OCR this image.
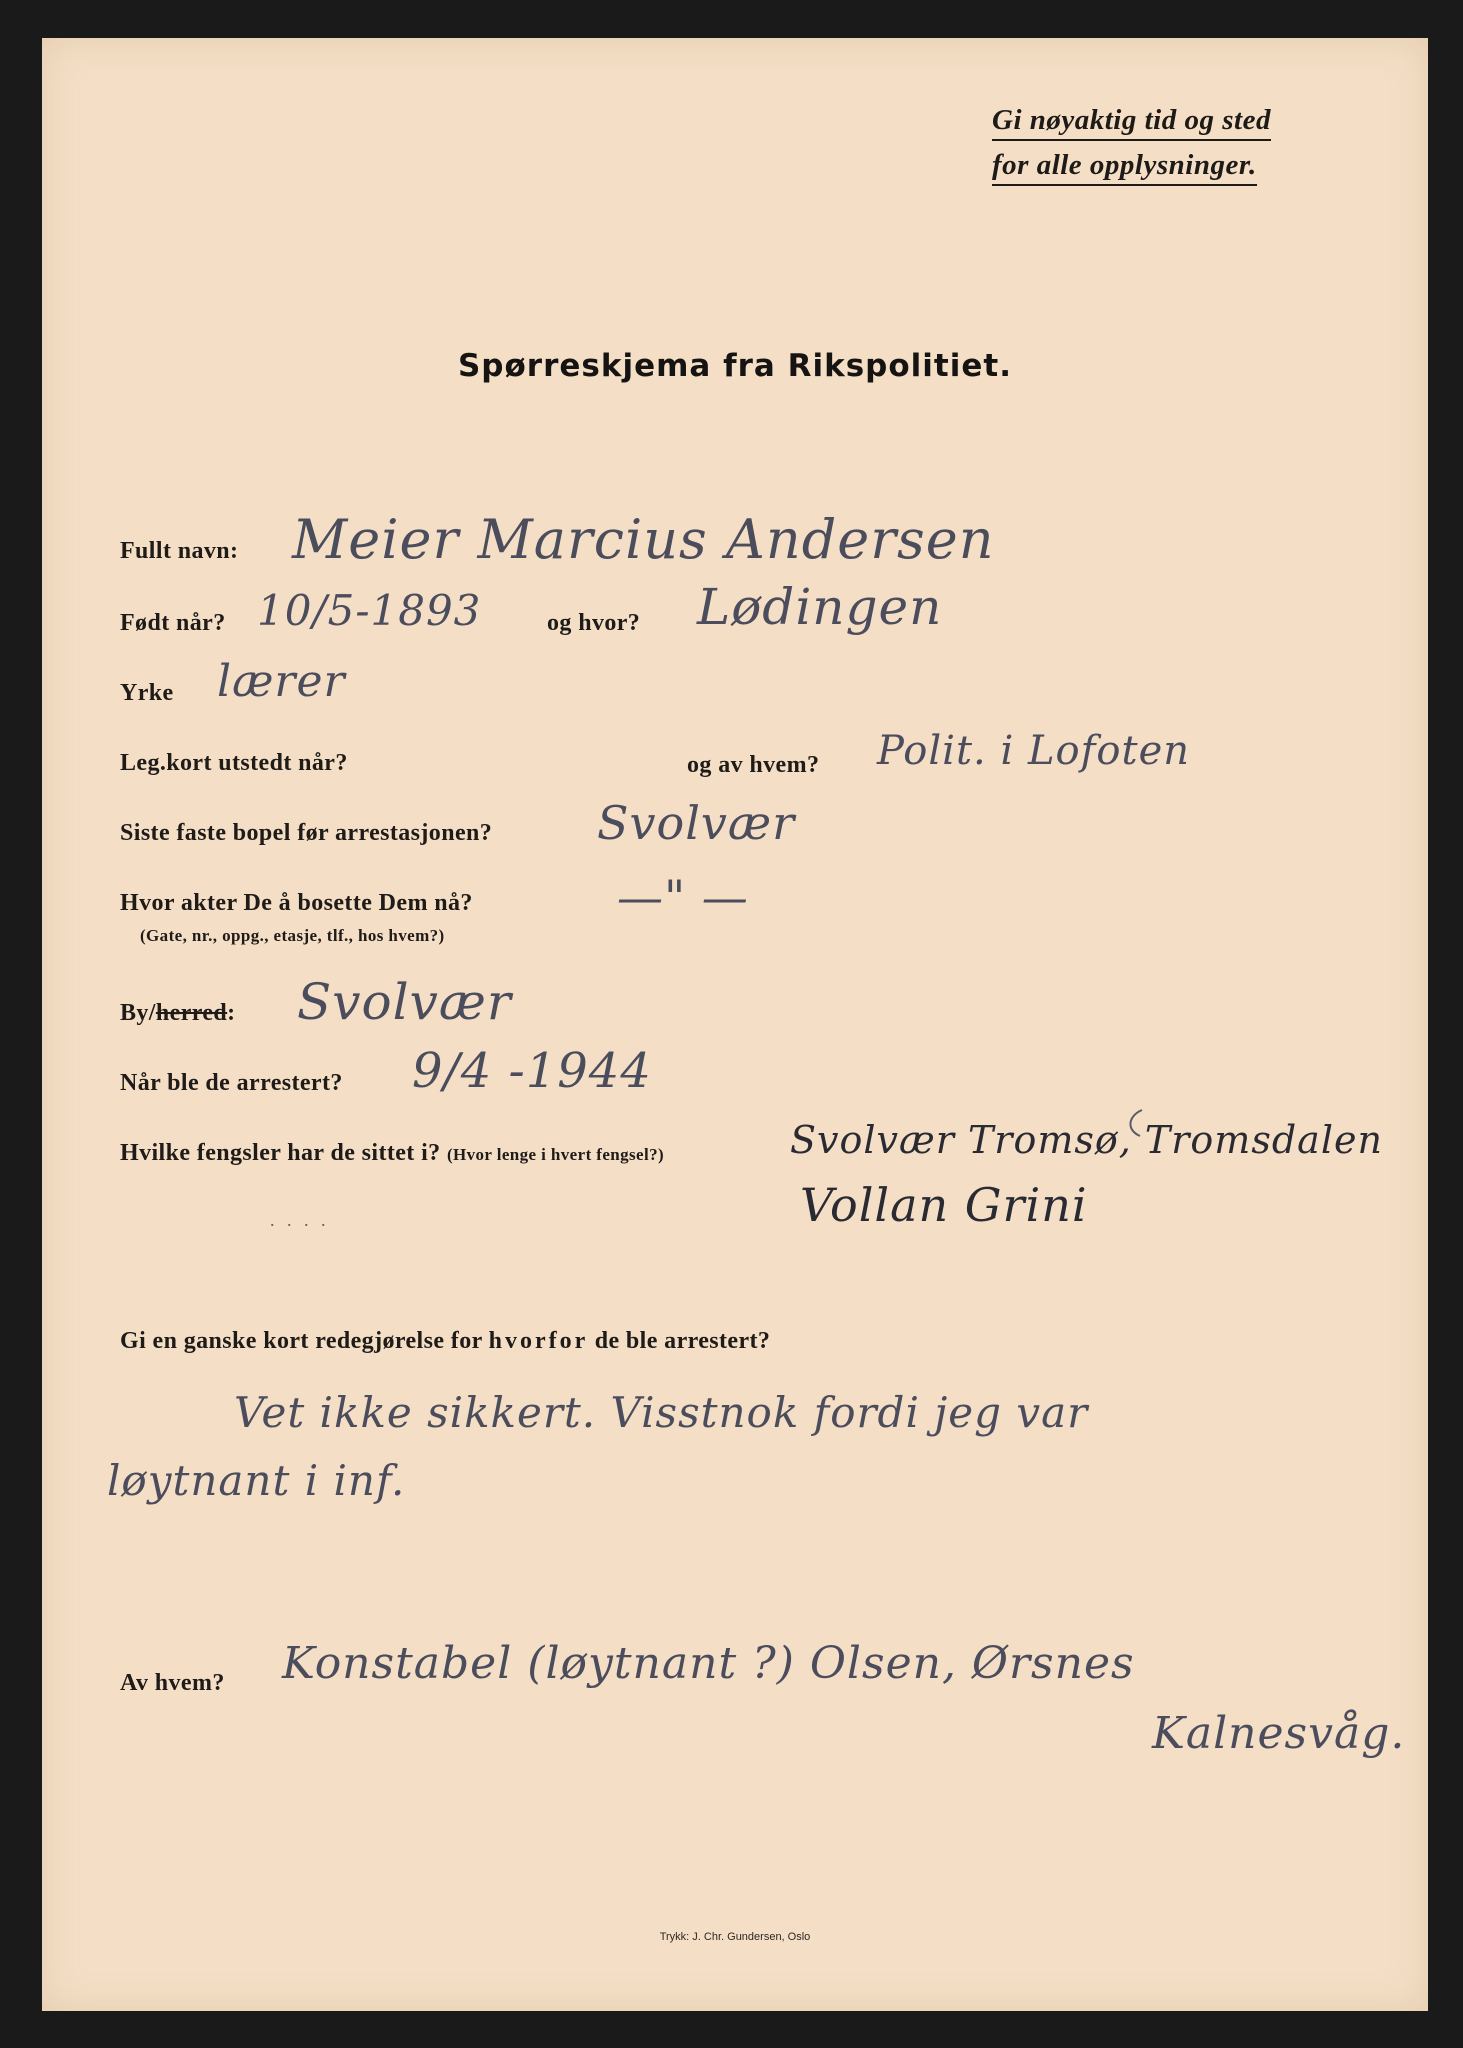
Gi nøyaktig tid og sted
for alle opplysninger.
Spørreskjema fra Rikspolitiet.
Fullt navn: Meier Marcius Andersen
Født når? 10/5-1893	og hvor? Lødingen
Yrke lærer
Leg.kort utstedt når?	og av hvem? Polit. i Lofoten
Siste faste bopel før arrestasjonen? Svolvær
Hvor akter De å bosette Dem nå?
(Gate, nr., oppg., etasje, tlf., hos hvem?)
—" —
By/herred: Svolvær
Når ble de arrestert? 9/4 -1944
Hvilke fengsler har de sittet i? (Hvor lenge i hvert fengsel?)	Svolvær Tromsø, Tromsdalen
Vollan Grini
. . . .
Gi en ganske kort redegjørelse for hvorfor de ble arrestert?
Vet ikke sikkert. Visstnok fordi jeg var
løytnant i inf.
Av hvem? Konstabel (løytnant ?) Olsen, Ørsnes
Kalnesvåg.
Trykk: J. Chr. Gundersen, Oslo
